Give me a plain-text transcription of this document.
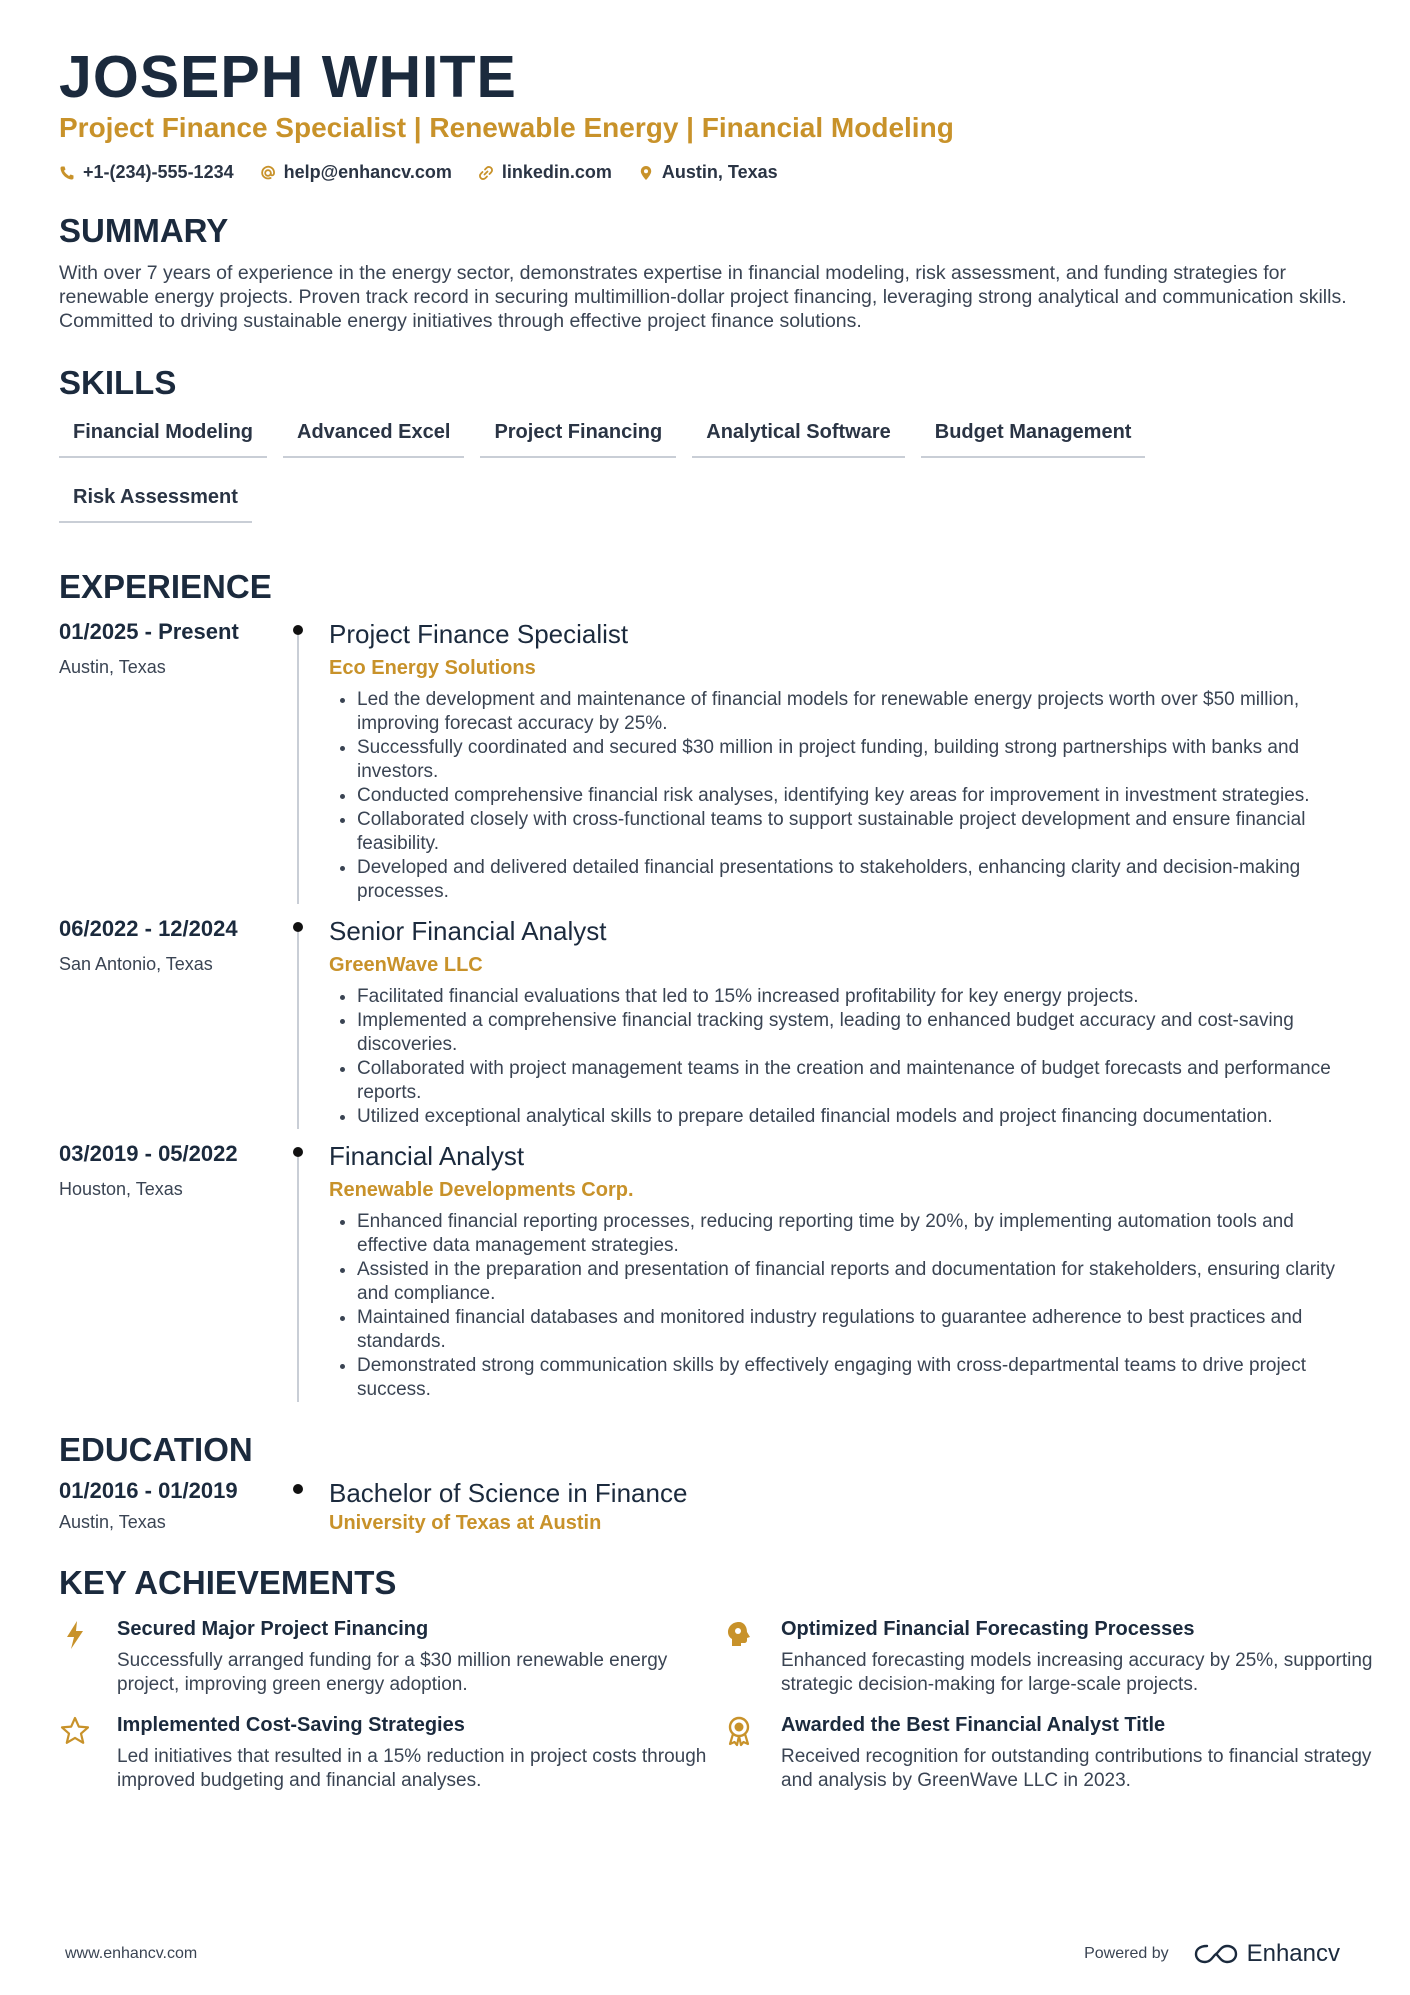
JOSEPH WHITE
Project Finance Specialist | Renewable Energy | Financial Modeling
+1-(234)-555-1234	help@enhancv.com	linkedin.com	Austin, Texas
SUMMARY
With over 7 years of experience in the energy sector, demonstrates expertise in financial modeling, risk assessment, and funding strategies for renewable energy projects. Proven track record in securing multimillion-dollar project financing, leveraging strong analytical and communication skills. Committed to driving sustainable energy initiatives through effective project finance solutions.
SKILLS
Financial Modeling	Advanced Excel	Project Financing	Analytical Software	Budget Management
Risk Assessment
EXPERIENCE
01/2025 - Present
Austin, Texas
Project Finance Specialist
Eco Energy Solutions
• Led the development and maintenance of financial models for renewable energy projects worth over $50 million, improving forecast accuracy by 25%.
• Successfully coordinated and secured $30 million in project funding, building strong partnerships with banks and investors.
• Conducted comprehensive financial risk analyses, identifying key areas for improvement in investment strategies.
• Collaborated closely with cross-functional teams to support sustainable project development and ensure financial feasibility.
• Developed and delivered detailed financial presentations to stakeholders, enhancing clarity and decision-making processes.
06/2022 - 12/2024
San Antonio, Texas
Senior Financial Analyst
GreenWave LLC
• Facilitated financial evaluations that led to 15% increased profitability for key energy projects.
• Implemented a comprehensive financial tracking system, leading to enhanced budget accuracy and cost-saving discoveries.
• Collaborated with project management teams in the creation and maintenance of budget forecasts and performance reports.
• Utilized exceptional analytical skills to prepare detailed financial models and project financing documentation.
03/2019 - 05/2022
Houston, Texas
Financial Analyst
Renewable Developments Corp.
• Enhanced financial reporting processes, reducing reporting time by 20%, by implementing automation tools and effective data management strategies.
• Assisted in the preparation and presentation of financial reports and documentation for stakeholders, ensuring clarity and compliance.
• Maintained financial databases and monitored industry regulations to guarantee adherence to best practices and standards.
• Demonstrated strong communication skills by effectively engaging with cross-departmental teams to drive project success.
EDUCATION
01/2016 - 01/2019
Austin, Texas
Bachelor of Science in Finance
University of Texas at Austin
KEY ACHIEVEMENTS
Secured Major Project Financing
Successfully arranged funding for a $30 million renewable energy project, improving green energy adoption.
Optimized Financial Forecasting Processes
Enhanced forecasting models increasing accuracy by 25%, supporting strategic decision-making for large-scale projects.
Implemented Cost-Saving Strategies
Led initiatives that resulted in a 15% reduction in project costs through improved budgeting and financial analyses.
Awarded the Best Financial Analyst Title
Received recognition for outstanding contributions to financial strategy and analysis by GreenWave LLC in 2023.
www.enhancv.com	Powered by	Enhancv
